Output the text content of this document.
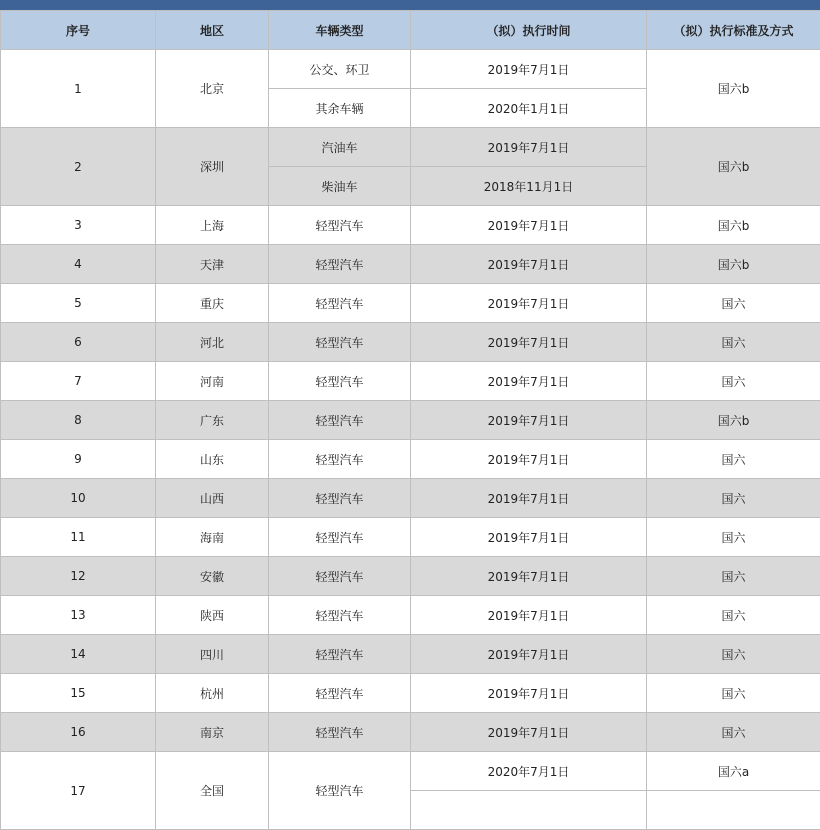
序号	地区	车辆类型	（拟）执行时间	（拟）执行标准及方式
1	北京	公交、环卫	2019年7月1日	国六b
		其余车辆	2020年1月1日	
2	深圳	汽油车	2019年7月1日	国六b
		柴油车	2018年11月1日	
3	上海	轻型汽车	2019年7月1日	国六b
4	天津	轻型汽车	2019年7月1日	国六b
5	重庆	轻型汽车	2019年7月1日	国六
6	河北	轻型汽车	2019年7月1日	国六
7	河南	轻型汽车	2019年7月1日	国六
8	广东	轻型汽车	2019年7月1日	国六b
9	山东	轻型汽车	2019年7月1日	国六
10	山西	轻型汽车	2019年7月1日	国六
11	海南	轻型汽车	2019年7月1日	国六
12	安徽	轻型汽车	2019年7月1日	国六
13	陕西	轻型汽车	2019年7月1日	国六
14	四川	轻型汽车	2019年7月1日	国六
15	杭州	轻型汽车	2019年7月1日	国六
16	南京	轻型汽车	2019年7月1日	国六
17	全国	轻型汽车	2020年7月1日	国六a
